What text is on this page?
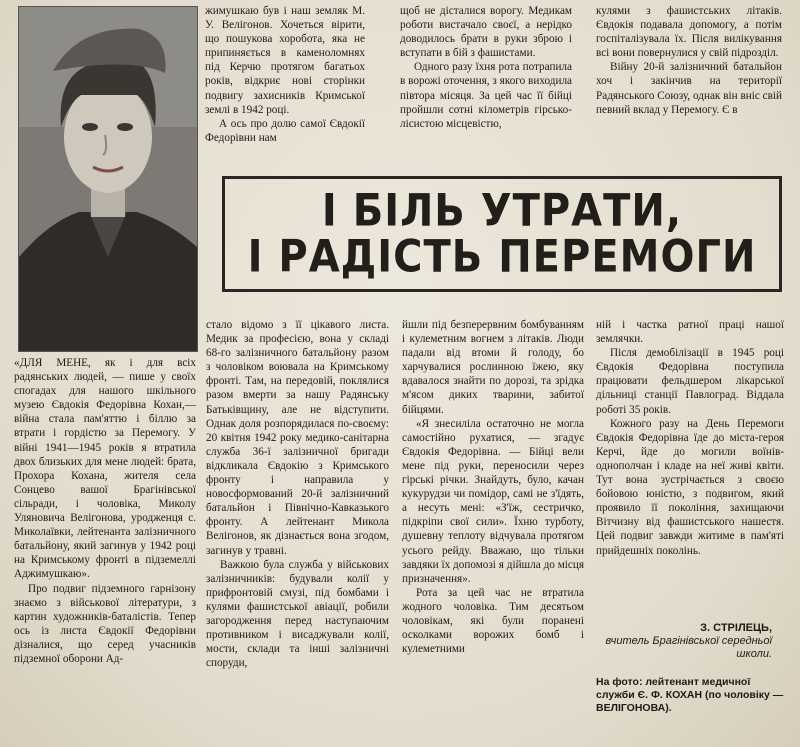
жимушкаю був і наш земляк М. У. Велігонов. Хочеться вірити, що пошукова хоробота, яка не припиняється в каменоломнях під Керчю протягом багатьох років, відкриє нові сторінки подвигу захисників Кримської землі в 1942 році.

А ось про долю самої Євдокії Федорівни нам

щоб не дісталися ворогу. Медикам роботи вистачало своєї, а нерідко доводилось брати в руки зброю і вступати в бій з фашистами.

Одного разу їхня рота потрапила в ворожі оточення, з якого виходила півтора місяця. За цей час її бійці пройшли сотні кілометрів гірсько-лісистою місцевістю,

кулями з фашистських літаків. Євдокія подавала допомогу, а потім госпіталізувала їх. Після вилікування всі вони повернулися у свій підрозділ.

Війну 20-й залізничний батальйон хоч і закінчив на території Радянського Союзу, однак він вніс свій певний вклад у Перемогу. Є в

І БІЛЬ УТРАТИ,
І РАДІСТЬ ПЕРЕМОГИ

«ДЛЯ МЕНЕ, як і для всіх радянських людей, — пише у своїх спогадах для нашого шкільного музею Євдокія Федорівна Кохан,— війна стала пам'яттю і біллю за втрати і гордістю за Перемогу. У війні 1941—1945 років я втратила двох близьких для мене людей: брата, Прохора Кохана, жителя села Сонцево вашої Брагінівської сільради, і чоловіка, Миколу Уляновича Велігонова, уродженця с. Миколаївки, лейтенанта залізничного батальйону, який загинув у 1942 році на Кримському фронті в підземеллі Аджимушкаю».

Про подвиг підземного гарнізону знаємо з військової літератури, з картин художників-баталістів. Тепер ось із листа Євдокії Федорівни дізналися, що серед учасників підземної оборони Ад-

стало відомо з її цікавого листа. Медик за професією, вона у складі 68-го залізничного батальйону разом з чоловіком воювала на Кримському фронті. Там, на передовій, поклялися разом вмерти за нашу Радянську Батьківщину, але не відступити. Однак доля розпорядилася по-своєму: 20 квітня 1942 року медико-санітарна служба 36-ї залізничної бригади відкликала Євдокію з Кримського фронту і направила у новосформований 20-й залізничний батальйон і Північно-Кавказького фронту. А лейтенант Микола Велігонов, як дізнається вона згодом, загинув у травні.

Важкою була служба у військових залізничників: будували колії у прифронтовій смузі, під бомбами і кулями фашистської авіації, робили загородження перед наступаючим противником і висаджували колії, мости, склади та інші залізничні споруди,

йшли під безперервним бомбуванням і кулеметним вогнем з літаків. Люди падали від втоми й голоду, бо харчувалися рослинною їжею, яку вдавалося знайти по дорозі, та зрідка м'ясом диких тварини, забитої бійцями.

«Я знесиліла остаточно не могла самостійно рухатися, — згадує Євдокія Федорівна. — Бійці вели мене під руки, переносили через гірські річки. Знайдуть, було, качан кукурудзи чи помідор, самі не з'їдять, а несуть мені: «З'їж, сестричко, підкріпи свої сили». Їхню турботу, душевну теплоту відчувала протягом усього рейду. Вважаю, що тільки завдяки їх допомозі я дійшла до місця призначення».

Рота за цей час не втратила жодного чоловіка. Тим десятьом чоловікам, які були поранені осколками ворожих бомб і кулеметними

ній і частка ратної праці нашої землячки.

Після демобілізації в 1945 році Євдокія Федорівна поступила працювати фельдшером лікарської дільниці станції Павлоград. Віддала роботі 35 років.

Кожного разу на День Перемоги Євдокія Федорівна їде до міста-героя Керчі, йде до могили воїнів-однополчан і кладе на неї живі квіти. Тут вона зустрічається з своєю бойовою юністю, з подвигом, який проявило її покоління, захищаючи Вітчизну від фашистського нашестя. Цей подвиг завжди житиме в пам'яті прийдешніх поколінь.

З. СТРІЛЕЦЬ,
вчитель Брагінівської середньої школи.
На фото: лейтенант медичної служби Є. Ф. КОХАН (по чоловіку — ВЕЛІГОНОВА).
